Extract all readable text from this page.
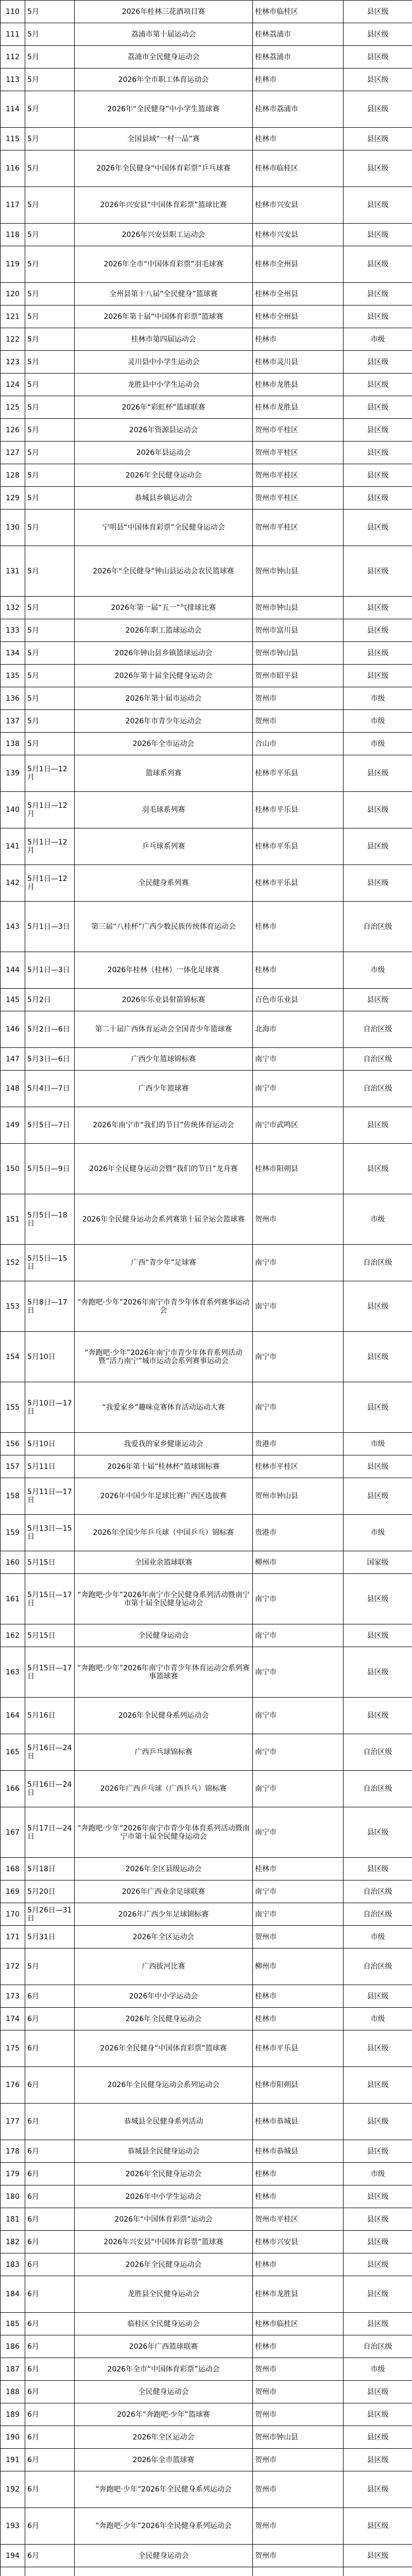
110	5月	2026年桂林三花酒项目赛	桂林市临桂区	县区级
111	5月	荔浦市第十届运动会	桂林荔浦市	县区级
112	5月	荔浦市全民健身运动会	桂林荔浦市	县区级
113	5月	2026年全市职工体育运动会	桂林市	县区级
114	5月	2026年“全民健身”中小学生篮球赛	桂林市荔浦市	县区级
115	5月	全国县域“一村一品”赛	桂林市	县区级
116	5月	2026年全民健身“中国体育彩票”乒乓球赛	桂林市临桂区	县区级
117	5月	2026年兴安县“中国体育彩票”篮球比赛	桂林市兴安县	县区级
118	5月	2026年兴安县职工运动会	桂林市兴安县	县区级
119	5月	2026年全市“中国体育彩票”羽毛球赛	桂林市全州县	县区级
120	5月	全州县第十八届“全民健身”篮球赛	桂林市全州县	县区级
121	5月	2026年第十届“中国体育彩票”篮球赛	桂林市全州县	县区级
122	5月	桂林市第四届运动会	桂林市	市级
123	5月	灵川县中小学生运动会	桂林市灵川县	县区级
124	5月	龙胜县中小学生运动会	桂林市龙胜县	县区级
125	5月	2026年“彩虹杯”篮球联赛	桂林市龙胜县	县区级
126	5月	2026年资源县运动会	贺州市平桂区	县区级
127	5月	2026年县运动会	贺州市平桂区	县区级
128	5月	2026年全民健身运动会	贺州市平桂区	县区级
129	5月	恭城县乡镇运动会	贺州市平桂区	县区级
130	5月	宁明县“中国体育彩票”全民健身运动会	贺州市平桂区	县区级
131	5月	2026年“全民健身”钟山县运动会农民篮球赛	贺州市钟山县	县区级
132	5月	2026年第一届“五一”气排球比赛	贺州市钟山县	县区级
133	5月	2026年职工篮球运动会	贺州市富川县	县区级
134	5月	2026年钟山县乡镇篮球运动会	贺州市钟山县	县区级
135	5月	2026年第十届全民健身运动会	贺州市昭平县	县区级
136	5月	2026年第十届市运动会	贺州市	市级
137	5月	2026年市青少年运动会	贺州市	市级
138	5月	2026年全市运动会	合山市	市级
139	5月1日—12月	篮球系列赛	桂林市平乐县	县区级
140	5月1日—12月	羽毛球系列赛	桂林市平乐县	县区级
141	5月1日—12月	乒乓球系列赛	桂林市平乐县	县区级
142	5月1日—12月	全民健身系列赛	桂林市平乐县	县区级
143	5月1日—3日	第三届“八桂杯”广西少数民族传统体育运动会	桂林市	自治区级
144	5月1日—3日	2026年桂林（桂林）一体化足球赛	桂林市	市级
145	5月2日	2026年乐业县射箭锦标赛	百色市乐业县	县区级
146	5月2日—6日	第二十届广西体育运动会全国青少年篮球赛	北海市	自治区级
147	5月3日—6日	广西少年篮球锦标赛	南宁市	自治区级
148	5月4日—7日	广西少年篮球赛	南宁市	自治区级
149	5月5日—7日	2026年南宁市“我们的节日”传统体育运动会	南宁市武鸣区	县区级
150	5月5日—9日	2026年全民健身运动会暨“我们的节日”龙舟赛	桂林市阳朔县	县区级
151	5月5日—18日	2026年全民健身运动会系列赛第十届全运会篮球赛	贺州市	市级
152	5月5日—15日	广西“青少年”足球赛	南宁市	自治区级
153	5月8日—17日	“奔跑吧·少年”2026年南宁市青少年体育系列赛事运动会	南宁市	县区级
154	5月10日	“奔跑吧·少年”2026年南宁市青少年体育系列活动暨“活力南宁”城市运动会系列赛事运动会	南宁市	县区级
155	5月10日—17日	“我爱家乡”趣味竞赛体育活动运动大赛	南宁市	县区级
156	5月10日	我爱我的家乡健康运动会	贵港市	市级
157	5月11日	2026年第十届“桂林杯”篮球锦标赛	桂林市平桂区	县区级
158	5月11日—17日	2026年中国少年足球比赛广西区选拔赛	贺州市钟山县	县区级
159	5月13日—15日	2026年全国少年乒乓球（中国乒乓）锦标赛	贵港市	市级
160	5月15日	全国业余篮球联赛	柳州市	国家级
161	5月15日—17日	“奔跑吧·少年”2026年南宁市全民健身系列活动暨南宁市第十届全民健身运动会	南宁市	县区级
162	5月15日	全民健身运动会	南宁市	县区级
163	5月15日—17日	“奔跑吧·少年”2026年南宁市青少年体育运动会系列赛事篮球赛	南宁市	县区级
164	5月16日	2026年全民健身系列运动会	南宁市	县区级
165	5月16日—24日	广西乒乓球锦标赛	南宁市	自治区级
166	5月16日—24日	2026年广西乒乓球（广西乒乓）锦标赛	南宁市	自治区级
167	5月17日—24日	“奔跑吧·少年”2026年南宁市青少年体育系列活动暨南宁市第十届全民健身运动会	南宁市	县区级
168	5月18日	2026年全区县级运动会	桂林市	县区级
169	5月20日	2026年广西业余足球联赛	南宁市	自治区级
170	5月26日—31日	2026年广西少年足球锦标赛	南宁市	自治区级
171	5月31日	2026年全区运动会	贺州市	市级
172	5月	广西拔河比赛	柳州市	自治区级
173	6月	2026年中小学运动会	桂林市	县区级
174	6月	2026年全民健身运动会	桂林市	市级
175	6月	2026年全民健身“中国体育彩票”篮球赛	桂林市平乐县	县区级
176	6月	2026年全民健身运动会系列运动会	桂林市阳朔县	县区级
177	6月	恭城县全民健身系列活动	桂林市恭城县	县区级
178	6月	恭城县全民健身运动会	桂林市恭城县	县区级
179	6月	2026年全民健身运动会	桂林市	市级
180	6月	2026年中小学生运动会	桂林市	县区级
181	6月	2026年“中国体育彩票”运动会	贺州市平桂区	县区级
182	6月	2026年兴安县“中国体育彩票”篮球赛	桂林市兴安县	县区级
183	6月	2026年全民健身运动会	桂林市	县区级
184	6月	龙胜县全民健身运动会	桂林市龙胜县	县区级
185	6月	临桂区全民健身运动会	桂林市临桂区	县区级
186	6月	2026年广西篮球联赛	桂林市	自治区级
187	6月	2026年全市“中国体育彩票”运动会	贺州市	市级
188	6月	全民健身运动会	贺州市	县区级
189	6月	2026年“奔跑吧·少年”篮球赛	贺州市	县区级
190	6月	2026年全区运动会	贺州市钟山县	县区级
191	6月	2026年全市篮球赛	贺州市	县区级
192	6月	“奔跑吧·少年”2026年全民健身系列运动会	贺州市	县区级
193	6月	“奔跑吧·少年”2026年全民健身系列运动会	贺州市	县区级
194	6月	全民健身运动会	贺州市	县区级
